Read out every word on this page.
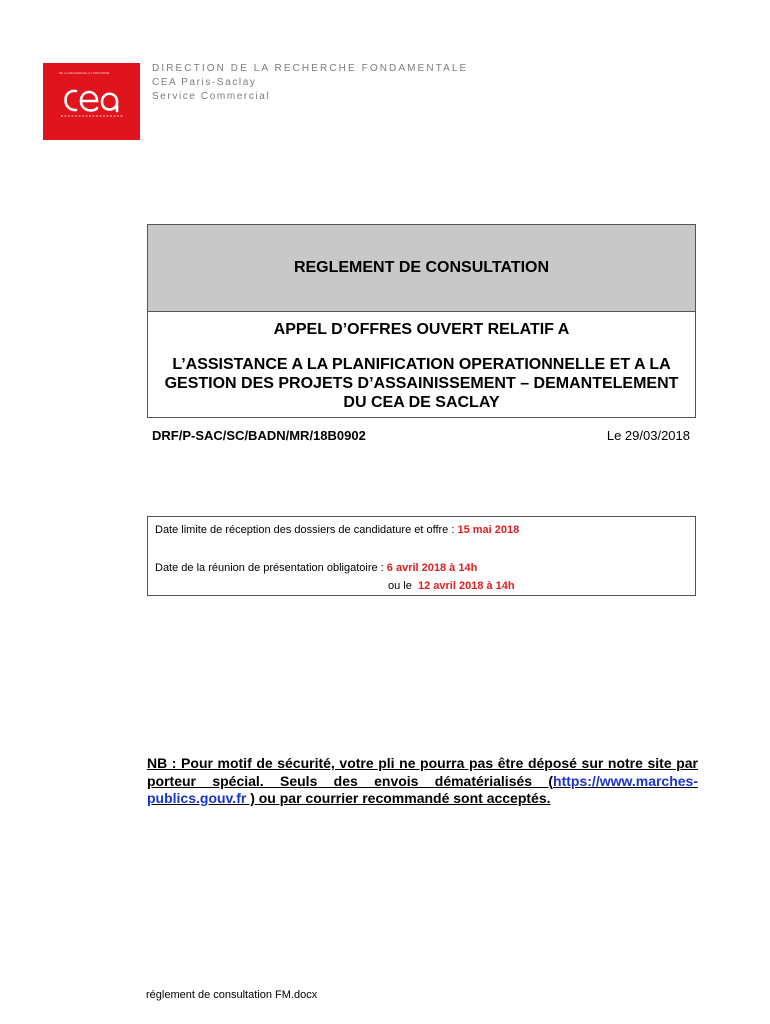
DE LA RECHERCHE À L'INDUSTRIE	DIRECTION DE LA RECHERCHE FONDAMENTALE
CEA Paris-Saclay
Service Commercial
REGLEMENT DE CONSULTATION
APPEL D’OFFRES OUVERT RELATIF A
L’ASSISTANCE A LA PLANIFICATION OPERATIONNELLE ET A LA GESTION DES PROJETS D’ASSAINISSEMENT – DEMANTELEMENT DU CEA DE SACLAY
DRF/P-SAC/SC/BADN/MR/18B0902	Le 29/03/2018
Date limite de réception des dossiers de candidature et offre : 15 mai 2018
Date de la réunion de présentation obligatoire : 6 avril 2018 à 14h
ou le  12 avril 2018 à 14h
NB : Pour motif de sécurité, votre pli ne pourra pas être déposé sur notre site par porteur spécial. Seuls des envois dématérialisés (https://www.marches-publics.gouv.fr ) ou par courrier recommandé sont acceptés.
réglement de consultation FM.docx
